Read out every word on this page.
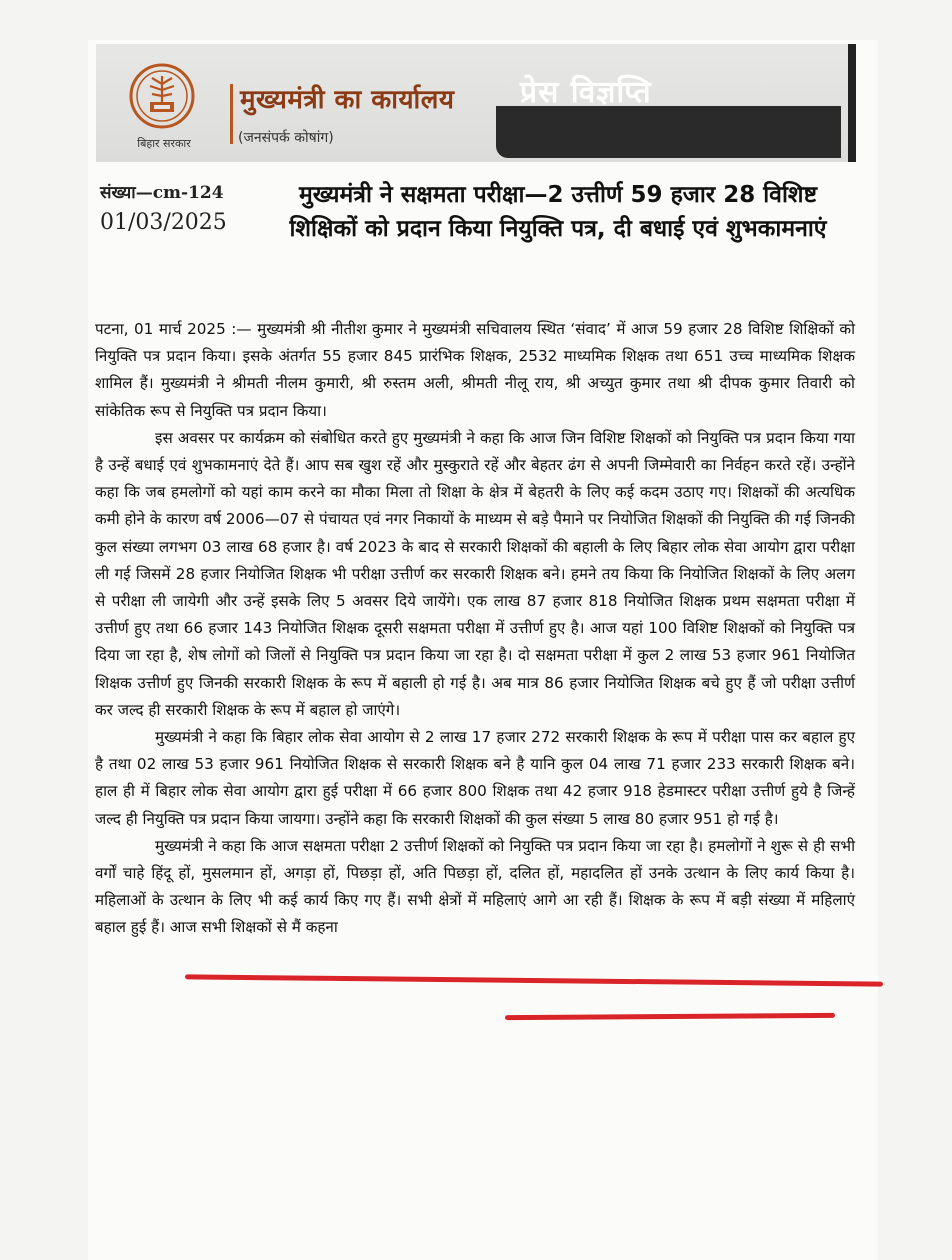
बिहार सरकार
मुख्यमंत्री का कार्यालय
(जनसंपर्क कोषांग)
प्रेस विज्ञप्ति
संख्या—cm-124
01/03/2025
मुख्यमंत्री ने सक्षमता परीक्षा—2 उत्तीर्ण 59 हजार 28 विशिष्ट शिक्षिकों को प्रदान किया नियुक्ति पत्र, दी बधाई एवं शुभकामनाएं

पटना, 01 मार्च 2025 :— मुख्यमंत्री श्री नीतीश कुमार ने मुख्यमंत्री सचिवालय स्थित ‘संवाद’ में आज 59 हजार 28 विशिष्ट शिक्षिकों को नियुक्ति पत्र प्रदान किया। इसके अंतर्गत 55 हजार 845 प्रारंभिक शिक्षक, 2532 माध्यमिक शिक्षक तथा 651 उच्च माध्यमिक शिक्षक शामिल हैं। मुख्यमंत्री ने श्रीमती नीलम कुमारी, श्री रुस्तम अली, श्रीमती नीलू राय, श्री अच्युत कुमार तथा श्री दीपक कुमार तिवारी को सांकेतिक रूप से नियुक्ति पत्र प्रदान किया।

इस अवसर पर कार्यक्रम को संबोधित करते हुए मुख्यमंत्री ने कहा कि आज जिन विशिष्ट शिक्षकों को नियुक्ति पत्र प्रदान किया गया है उन्हें बधाई एवं शुभकामनाएं देते हैं। आप सब खुश रहें और मुस्कुराते रहें और बेहतर ढंग से अपनी जिम्मेवारी का निर्वहन करते रहें। उन्होंने कहा कि जब हमलोगों को यहां काम करने का मौका मिला तो शिक्षा के क्षेत्र में बेहतरी के लिए कई कदम उठाए गए। शिक्षकों की अत्यधिक कमी होने के कारण वर्ष 2006—07 से पंचायत एवं नगर निकायों के माध्यम से बड़े पैमाने पर नियोजित शिक्षकों की नियुक्ति की गई जिनकी कुल संख्या लगभग 03 लाख 68 हजार है। वर्ष 2023 के बाद से सरकारी शिक्षकों की बहाली के लिए बिहार लोक सेवा आयोग द्वारा परीक्षा ली गई जिसमें 28 हजार नियोजित शिक्षक भी परीक्षा उत्तीर्ण कर सरकारी शिक्षक बने। हमने तय किया कि नियोजित शिक्षकों के लिए अलग से परीक्षा ली जायेगी और उन्हें इसके लिए 5 अवसर दिये जायेंगे। एक लाख 87 हजार 818 नियोजित शिक्षक प्रथम सक्षमता परीक्षा में उत्तीर्ण हुए तथा 66 हजार 143 नियोजित शिक्षक दूसरी सक्षमता परीक्षा में उत्तीर्ण हुए है। आज यहां 100 विशिष्ट शिक्षकों को नियुक्ति पत्र दिया जा रहा है, शेष लोगों को जिलों से नियुक्ति पत्र प्रदान किया जा रहा है। दो सक्षमता परीक्षा में कुल 2 लाख 53 हजार 961 नियोजित शिक्षक उत्तीर्ण हुए जिनकी सरकारी शिक्षक के रूप में बहाली हो गई है। अब मात्र 86 हजार नियोजित शिक्षक बचे हुए हैं जो परीक्षा उत्तीर्ण कर जल्द ही सरकारी शिक्षक के रूप में बहाल हो जाएंगे।

मुख्यमंत्री ने कहा कि बिहार लोक सेवा आयोग से 2 लाख 17 हजार 272 सरकारी शिक्षक के रूप में परीक्षा पास कर बहाल हुए है तथा 02 लाख 53 हजार 961 नियोजित शिक्षक से सरकारी शिक्षक बने है यानि कुल 04 लाख 71 हजार 233 सरकारी शिक्षक बने। हाल ही में बिहार लोक सेवा आयोग द्वारा हुई परीक्षा में 66 हजार 800 शिक्षक तथा 42 हजार 918 हेडमास्टर परीक्षा उत्तीर्ण हुये है जिन्हें जल्द ही नियुक्ति पत्र प्रदान किया जायगा। उन्होंने कहा कि सरकारी शिक्षकों की कुल संख्या 5 लाख 80 हजार 951 हो गई है।

मुख्यमंत्री ने कहा कि आज सक्षमता परीक्षा 2 उत्तीर्ण शिक्षकों को नियुक्ति पत्र प्रदान किया जा रहा है। हमलोगों ने शुरू से ही सभी वर्गों चाहे हिंदू हों, मुसलमान हों, अगड़ा हों, पिछड़ा हों, अति पिछड़ा हों, दलित हों, महादलित हों उनके उत्थान के लिए कार्य किया है। महिलाओं के उत्थान के लिए भी कई कार्य किए गए हैं। सभी क्षेत्रों में महिलाएं आगे आ रही हैं। शिक्षक के रूप में बड़ी संख्या में महिलाएं बहाल हुई हैं। आज सभी शिक्षकों से मैं कहना
